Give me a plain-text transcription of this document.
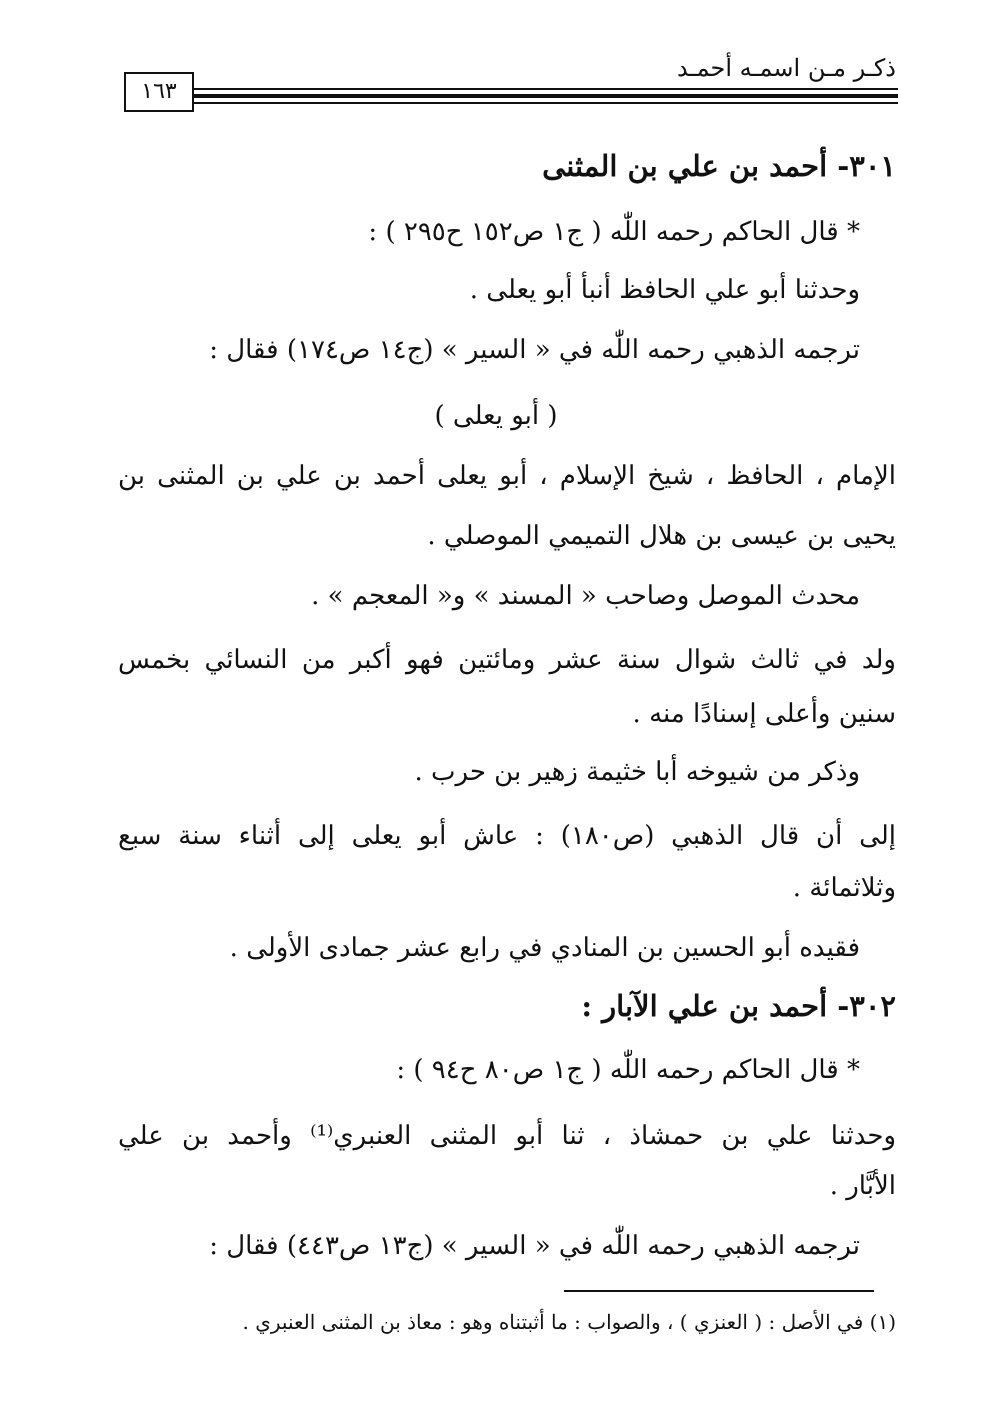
ذكـر مـن اسمـه أحمـد
١٦٣
٣٠١- أحمد بن علي بن المثنى
* قال الحاكم رحمه اللّٰه ( ج١ ص١٥٢ ح٢٩٥ ) :
وحدثنا أبو علي الحافظ أنبأ أبو يعلى .
ترجمه الذهبي رحمه اللّٰه في « السير » (ج١٤ ص١٧٤) فقال :
( أبو يعلى )
الإمام ، الحافظ ، شيخ الإسلام ، أبو يعلى أحمد بن علي بن المثنى بن
يحيى بن عيسى بن هلال التميمي الموصلي .
محدث الموصل وصاحب « المسند » و« المعجم » .
ولد في ثالث شوال سنة عشر ومائتين فهو أكبر من النسائي بخمس
سنين وأعلى إسنادًا منه .
وذكر من شيوخه أبا خثيمة زهير بن حرب .
إلى أن قال الذهبي (ص١٨٠) : عاش أبو يعلى إلى أثناء سنة سبع
وثلاثمائة .
فقيده أبو الحسين بن المنادي في رابع عشر جمادى الأولى .
٣٠٢- أحمد بن علي الآبار :
* قال الحاكم رحمه اللّٰه ( ج١ ص٨٠ ح٩٤ ) :
وحدثنا علي بن حمشاذ ، ثنا أبو المثنى العنبري⁽¹⁾ وأحمد بن علي
الأبَّار .
ترجمه الذهبي رحمه اللّٰه في « السير » (ج١٣ ص٤٤٣) فقال :
(١) في الأصل : ( العنزي ) ، والصواب : ما أثبتناه وهو : معاذ بن المثنى العنبري .
